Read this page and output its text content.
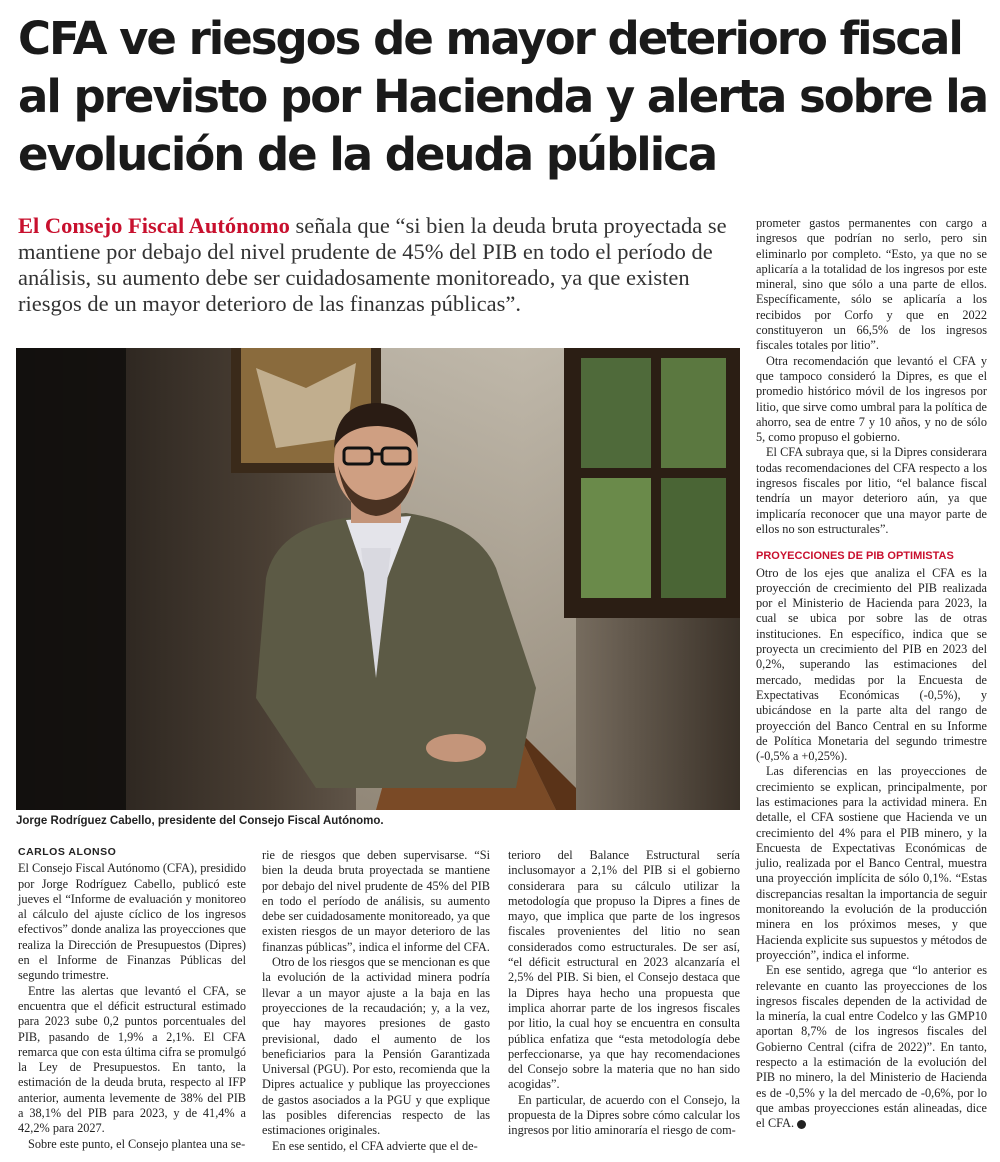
CFA ve riesgos de mayor deterioro fiscal al previsto por Hacienda y alerta sobre la evolución de la deuda pública

El Consejo Fiscal Autónomo señala que “si bien la deuda bruta proyectada se mantiene por debajo del nivel prudente de 45% del PIB en todo el período de análisis, su aumento debe ser cuidadosamente monitoreado, ya que existen riesgos de un mayor deterioro de las finanzas públicas”.

Jorge Rodríguez Cabello, presidente del Consejo Fiscal Autónomo.

CARLOS ALONSO

El Consejo Fiscal Autónomo (CFA), presidido por Jorge Rodríguez Cabello, publicó este jueves el “Informe de evaluación y monitoreo al cálculo del ajuste cíclico de los ingresos efectivos” donde analiza las proyecciones que realiza la Dirección de Presupuestos (Dipres) en el Informe de Finanzas Públicas del segundo trimestre.

Entre las alertas que levantó el CFA, se encuentra que el déficit estructural estimado para 2023 sube 0,2 puntos porcentuales del PIB, pasando de 1,9% a 2,1%. El CFA remarca que con esta última cifra se promulgó la Ley de Presupuestos. En tanto, la estimación de la deuda bruta, respecto al IFP anterior, aumenta levemente de 38% del PIB a 38,1% del PIB para 2023, y de 41,4% a 42,2% para 2027.

Sobre este punto, el Consejo plantea una se-

rie de riesgos que deben supervisarse. “Si bien la deuda bruta proyectada se mantiene por debajo del nivel prudente de 45% del PIB en todo el período de análisis, su aumento debe ser cuidadosamente monitoreado, ya que existen riesgos de un mayor deterioro de las finanzas públicas”, indica el informe del CFA.

Otro de los riesgos que se mencionan es que la evolución de la actividad minera podría llevar a un mayor ajuste a la baja en las proyecciones de la recaudación; y, a la vez, que hay mayores presiones de gasto previsional, dado el aumento de los beneficiarios para la Pensión Garantizada Universal (PGU). Por esto, recomienda que la Dipres actualice y publique las proyecciones de gastos asociados a la PGU y que explique las posibles diferencias respecto de las estimaciones originales.

En ese sentido, el CFA advierte que el de-

terioro del Balance Estructural sería inclusomayor a 2,1% del PIB si el gobierno considerara para su cálculo utilizar la metodología que propuso la Dipres a fines de mayo, que implica que parte de los ingresos fiscales provenientes del litio no sean considerados como estructurales. De ser así, “el déficit estructural en 2023 alcanzaría el 2,5% del PIB. Si bien, el Consejo destaca que la Dipres haya hecho una propuesta que implica ahorrar parte de los ingresos fiscales por litio, la cual hoy se encuentra en consulta pública enfatiza que “esta metodología debe perfeccionarse, ya que hay recomendaciones del Consejo sobre la materia que no han sido acogidas”.

En particular, de acuerdo con el Consejo, la propuesta de la Dipres sobre cómo calcular los ingresos por litio aminoraría el riesgo de com-

prometer gastos permanentes con cargo a ingresos que podrían no serlo, pero sin eliminarlo por completo. “Esto, ya que no se aplicaría a la totalidad de los ingresos por este mineral, sino que sólo a una parte de ellos. Específicamente, sólo se aplicaría a los recibidos por Corfo y que en 2022 constituyeron un 66,5% de los ingresos fiscales totales por litio”.

Otra recomendación que levantó el CFA y que tampoco consideró la Dipres, es que el promedio histórico móvil de los ingresos por litio, que sirve como umbral para la política de ahorro, sea de entre 7 y 10 años, y no de sólo 5, como propuso el gobierno.

El CFA subraya que, si la Dipres considerara todas recomendaciones del CFA respecto a los ingresos fiscales por litio, “el balance fiscal tendría un mayor deterioro aún, ya que implicaría reconocer que una mayor parte de ellos no son estructurales”.

PROYECCIONES DE PIB OPTIMISTAS

Otro de los ejes que analiza el CFA es la proyección de crecimiento del PIB realizada por el Ministerio de Hacienda para 2023, la cual se ubica por sobre las de otras instituciones. En específico, indica que se proyecta un crecimiento del PIB en 2023 del 0,2%, superando las estimaciones del mercado, medidas por la Encuesta de Expectativas Económicas (-0,5%), y ubicándose en la parte alta del rango de proyección del Banco Central en su Informe de Política Monetaria del segundo trimestre (-0,5% a +0,25%).

Las diferencias en las proyecciones de crecimiento se explican, principalmente, por las estimaciones para la actividad minera. En detalle, el CFA sostiene que Hacienda ve un crecimiento del 4% para el PIB minero, y la Encuesta de Expectativas Económicas de julio, realizada por el Banco Central, muestra una proyección implícita de sólo 0,1%. “Estas discrepancias resaltan la importancia de seguir monitoreando la evolución de la producción minera en los próximos meses, y que Hacienda explicite sus supuestos y métodos de proyección”, indica el informe.

En ese sentido, agrega que “lo anterior es relevante en cuanto las proyecciones de los ingresos fiscales dependen de la actividad de la minería, la cual entre Codelco y las GMP10 aportan 8,7% de los ingresos fiscales del Gobierno Central (cifra de 2022)”. En tanto, respecto a la estimación de la evolución del PIB no minero, la del Ministerio de Hacienda es de -0,5% y la del mercado de -0,6%, por lo que ambas proyecciones están alineadas, dice el CFA. P
